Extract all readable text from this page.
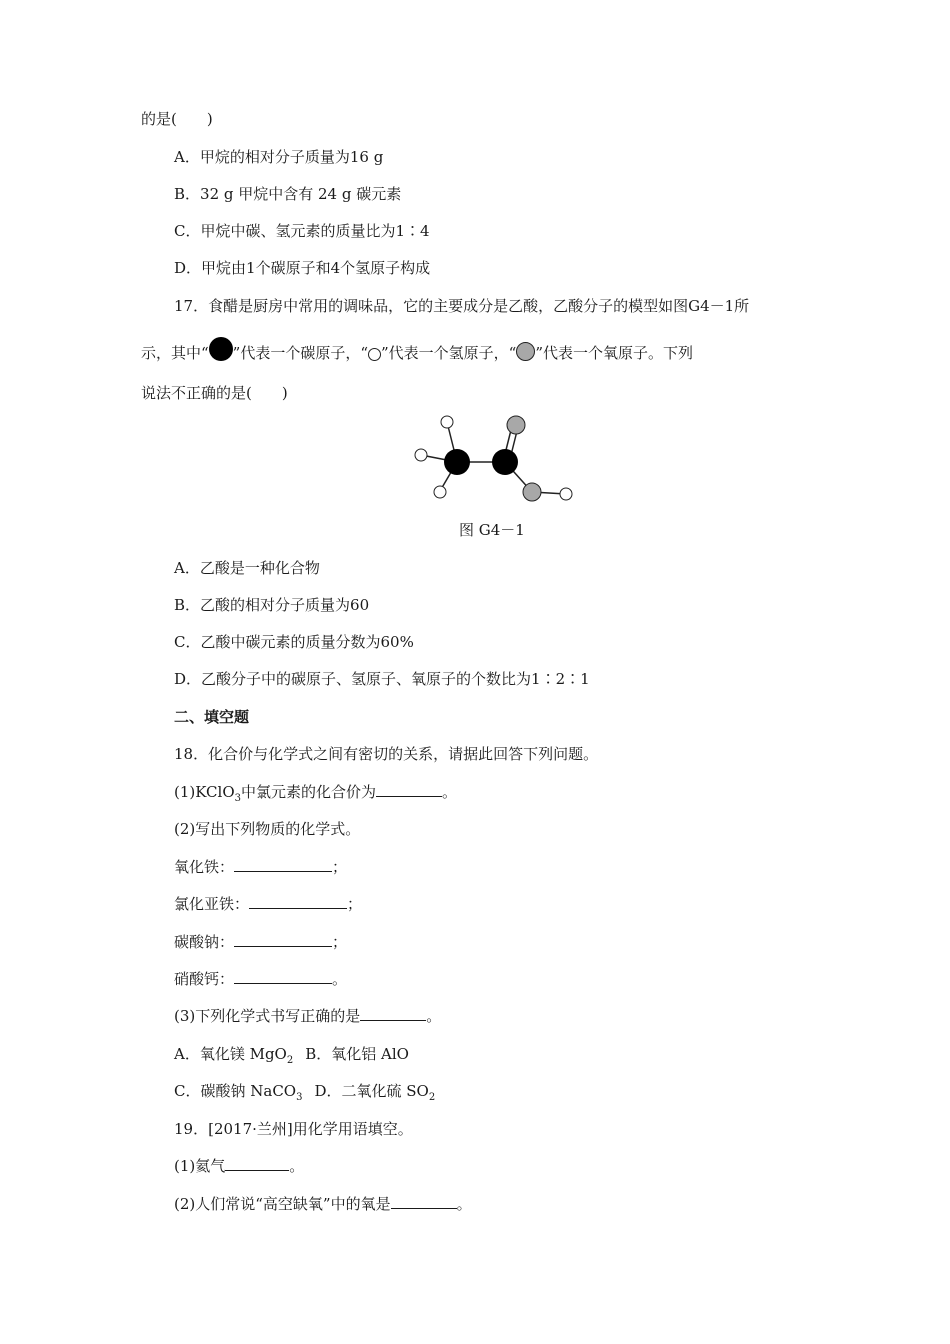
的是(　　)
A．甲烷的相对分子质量为16 g
B．32 g 甲烷中含有 24 g 碳元素
C．甲烷中碳、氢元素的质量比为1∶4
D．甲烷由1个碳原子和4个氢原子构成
17．食醋是厨房中常用的调味品，它的主要成分是乙酸，乙酸分子的模型如图G4－1所
示，其中“ ”代表一个碳原子，“ ”代表一个氢原子，“ ”代表一个氧原子。下列
说法不正确的是(　　)
图 G4－1
A．乙酸是一种化合物
B．乙酸的相对分子质量为60
C．乙酸中碳元素的质量分数为60%
D．乙酸分子中的碳原子、氢原子、氧原子的个数比为1∶2∶1
二、填空题
18．化合价与化学式之间有密切的关系，请据此回答下列问题。
(1)KClO$_3$中氯元素的化合价为	。
(2)写出下列物质的化学式。
氧化铁：	；
氯化亚铁：	；
碳酸钠：	；
硝酸钙：	。
(3)下列化学式书写正确的是	。
A．氧化镁 MgO$_2$ B．氧化铝 AlO
C．碳酸钠 NaCO$_3$ D．二氧化硫 $SO_2$
19．[2017·兰州]用化学用语填空。
(1)氦气	。
(2)人们常说“高空缺氧”中的氧是	。
